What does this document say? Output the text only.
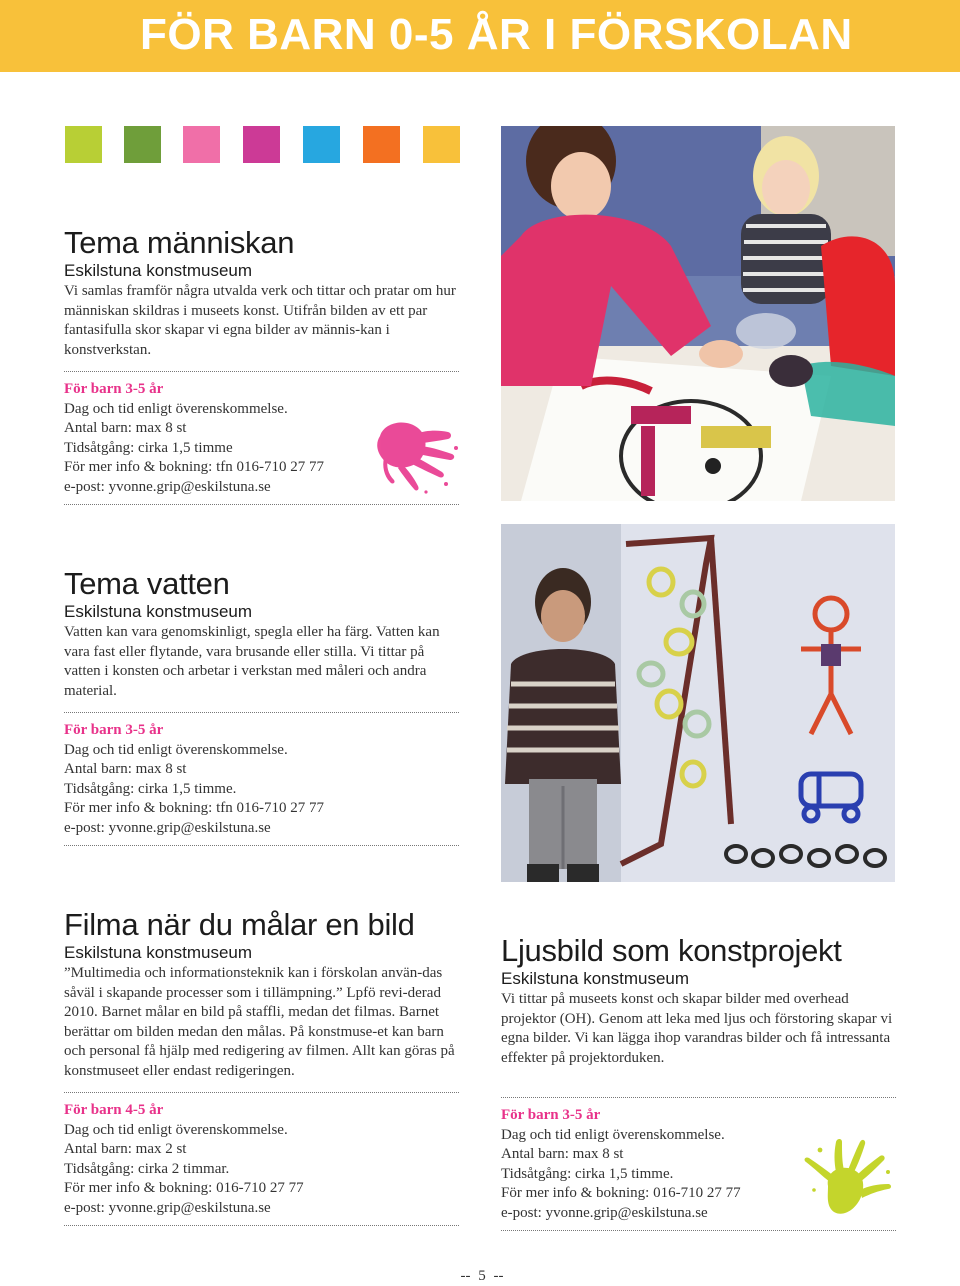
FÖR BARN 0-5 ÅR I FÖRSKOLAN
Tema människan
Eskilstuna konstmuseum

Vi samlas framför några utvalda verk och tittar och pratar om hur människan skildras i museets konst. Utifrån bilden av ett par fantasifulla skor skapar vi egna bilder av männis-kan i konstverkstan.

För barn 3-5 år
Dag och tid enligt överenskommelse.
Antal barn: max 8 st
Tidsåtgång: cirka 1,5 timme
För mer info & bokning: tfn 016-710 27 77
e-post: yvonne.grip@eskilstuna.se
Tema vatten
Eskilstuna konstmuseum

Vatten kan vara genomskinligt, spegla eller ha färg. Vatten kan vara fast eller flytande, vara brusande eller stilla. Vi tittar på vatten i konsten och arbetar i verkstan med måleri och andra material.

För barn 3-5 år
Dag och tid enligt överenskommelse.
Antal barn: max 8 st
Tidsåtgång: cirka 1,5 timme.
För mer info & bokning: tfn 016-710 27 77
e-post: yvonne.grip@eskilstuna.se
Filma när du målar en bild
Eskilstuna konstmuseum

”Multimedia och informationsteknik kan i förskolan använ-das såväl i skapande processer som i tillämpning.” Lpfö revi-derad 2010. Barnet målar en bild på staffli, medan det filmas. Barnet berättar om bilden medan den målas. På konstmuse-et kan barn och personal få hjälp med redigering av filmen. Allt kan göras på konstmuseet eller endast redigeringen.

För barn 4-5 år
Dag och tid enligt överenskommelse.
Antal barn: max 2 st
Tidsåtgång: cirka 2 timmar.
För mer info & bokning: 016-710 27 77
e-post: yvonne.grip@eskilstuna.se
Ljusbild som konstprojekt
Eskilstuna konstmuseum

Vi tittar på museets konst och skapar bilder med overhead projektor (OH). Genom att leka med ljus och förstoring skapar vi egna bilder. Vi kan lägga ihop varandras bilder och få intressanta effekter på projektorduken.

För barn 3-5 år
Dag och tid enligt överenskommelse.
Antal barn: max 8 st
Tidsåtgång: cirka 1,5 timme.
För mer info & bokning: 016-710 27 77
e-post: yvonne.grip@eskilstuna.se
-- 5 --
